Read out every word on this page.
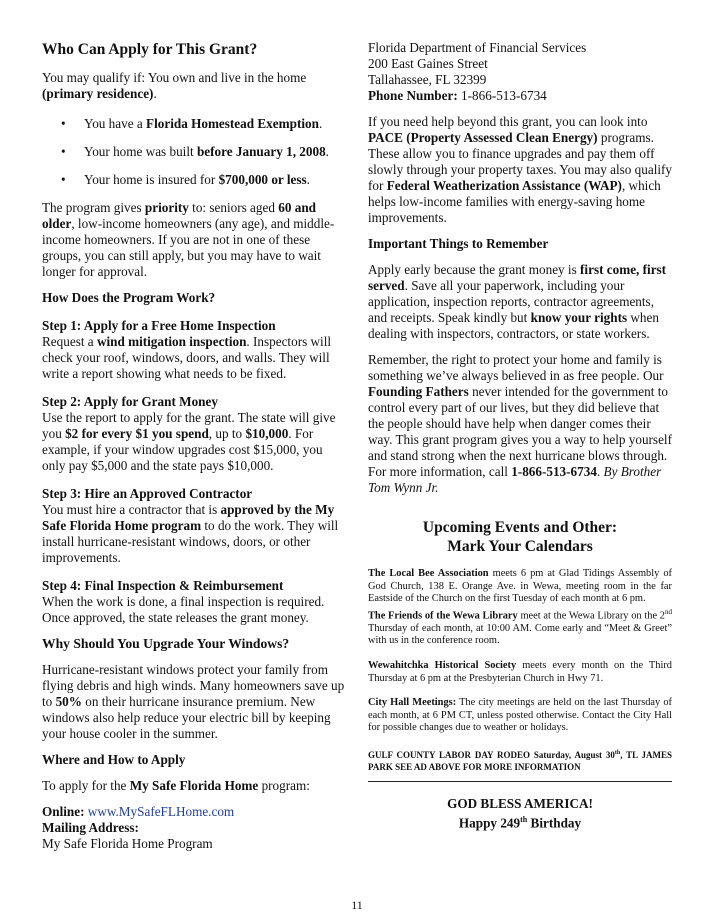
Who Can Apply for This Grant?

You may qualify if: You own and live in the home (primary residence).

• You have a Florida Homestead Exemption.
• Your home was built before January 1, 2008.
• Your home is insured for $700,000 or less.

The program gives priority to: seniors aged 60 and older, low-income homeowners (any age), and middle-income homeowners. If you are not in one of these groups, you can still apply, but you may have to wait longer for approval.

How Does the Program Work?

Step 1: Apply for a Free Home Inspection

Request a wind mitigation inspection. Inspectors will check your roof, windows, doors, and walls. They will write a report showing what needs to be fixed.

Step 2: Apply for Grant Money

Use the report to apply for the grant. The state will give you $2 for every $1 you spend, up to $10,000. For example, if your window upgrades cost $15,000, you only pay $5,000 and the state pays $10,000.

Step 3: Hire an Approved Contractor

You must hire a contractor that is approved by the My Safe Florida Home program to do the work. They will install hurricane-resistant windows, doors, or other improvements.

Step 4: Final Inspection & Reimbursement

When the work is done, a final inspection is required. Once approved, the state releases the grant money.

Why Should You Upgrade Your Windows?

Hurricane-resistant windows protect your family from flying debris and high winds. Many homeowners save up to 50% on their hurricane insurance premium. New windows also help reduce your electric bill by keeping your house cooler in the summer.

Where and How to Apply

To apply for the My Safe Florida Home program:

Online: www.MySafeFLHome.com

Mailing Address:

My Safe Florida Home Program

Florida Department of Financial Services

200 East Gaines Street

Tallahassee, FL 32399

Phone Number: 1-866-513-6734

If you need help beyond this grant, you can look into PACE (Property Assessed Clean Energy) programs. These allow you to finance upgrades and pay them off slowly through your property taxes. You may also qualify for Federal Weatherization Assistance (WAP), which helps low-income families with energy-saving home improvements.

Important Things to Remember

Apply early because the grant money is first come, first served. Save all your paperwork, including your application, inspection reports, contractor agreements, and receipts. Speak kindly but know your rights when dealing with inspectors, contractors, or state workers.

Remember, the right to protect your home and family is something we’ve always believed in as free people. Our Founding Fathers never intended for the government to control every part of our lives, but they did believe that the people should have help when danger comes their way. This grant program gives you a way to help yourself and stand strong when the next hurricane blows through. For more information, call 1-866-513-6734. By Brother Tom Wynn Jr.

Upcoming Events and Other:
Mark Your Calendars

The Local Bee Association meets 6 pm at Glad Tidings Assembly of God Church, 138 E. Orange Ave. in Wewa, meeting room in the far Eastside of the Church on the first Tuesday of each month at 6 pm.

The Friends of the Wewa Library meet at the Wewa Library on the 2nd Thursday of each month, at 10:00 AM. Come early and “Meet & Greet” with us in the conference room.

Wewahitchka Historical Society meets every month on the Third Thursday at 6 pm at the Presbyterian Church in Hwy 71.

City Hall Meetings: The city meetings are held on the last Thursday of each month, at 6 PM CT, unless posted otherwise. Contact the City Hall for possible changes due to weather or holidays.

GULF COUNTY LABOR DAY RODEO Saturday, August 30th, TL JAMES PARK SEE AD ABOVE FOR MORE INFORMATION

GOD BLESS AMERICA!

Happy 249th Birthday

11
